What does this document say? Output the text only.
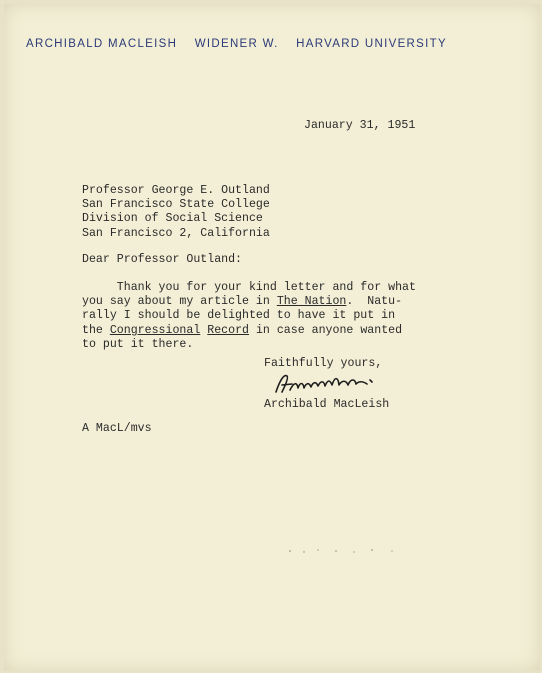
ARCHIBALD MACLEISH WIDENER W. HARVARD UNIVERSITY
January 31, 1951
Professor George E. Outland
San Francisco State College
Division of Social Science
San Francisco 2, California
Dear Professor Outland:
Thank you for your kind letter and for what
you say about my article in The Nation.  Natu-
rally I should be delighted to have it put in
the Congressional Record in case anyone wanted
to put it there.
Faithfully yours,
Archibald MacLeish
A MacL/mvs
